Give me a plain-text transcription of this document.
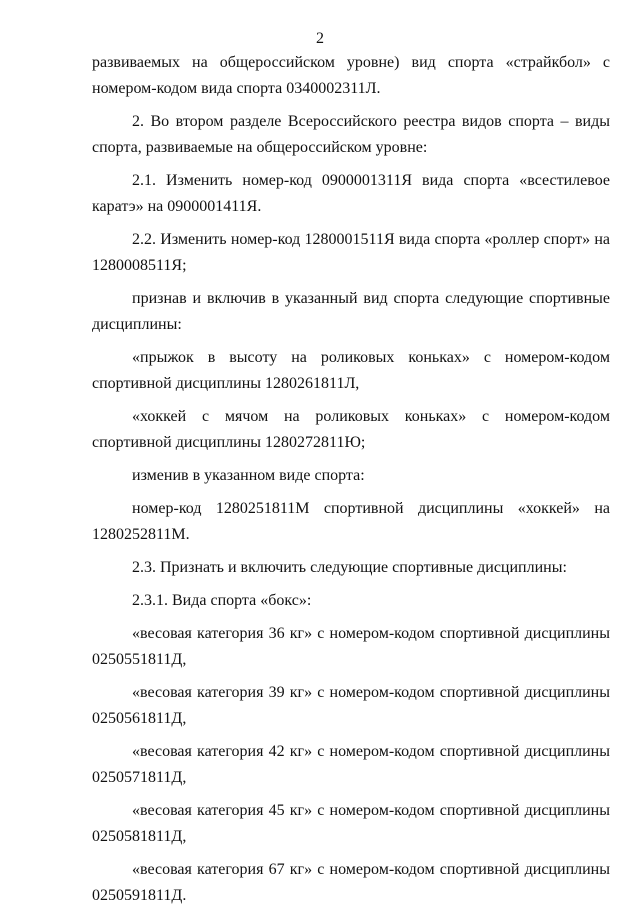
2

развиваемых на общероссийском уровне) вид спорта «страйкбол» с номером-кодом вида спорта 0340002311Л.

2. Во втором разделе Всероссийского реестра видов спорта – виды спорта, развиваемые на общероссийском уровне:

2.1. Изменить номер-код 0900001311Я вида спорта «всестилевое каратэ» на 0900001411Я.

2.2. Изменить номер-код 1280001511Я вида спорта «роллер спорт» на 1280008511Я;

признав и включив в указанный вид спорта следующие спортивные дисциплины:

«прыжок в высоту на роликовых коньках» с номером-кодом спортивной дисциплины 1280261811Л,

«хоккей с мячом на роликовых коньках» с номером-кодом спортивной дисциплины 1280272811Ю;

изменив в указанном виде спорта:

номер-код 1280251811М спортивной дисциплины «хоккей» на 1280252811М.

2.3. Признать и включить следующие спортивные дисциплины:

2.3.1. Вида спорта «бокс»:

«весовая категория 36 кг» с номером-кодом спортивной дисциплины 0250551811Д,

«весовая категория 39 кг» с номером-кодом спортивной дисциплины 0250561811Д,

«весовая категория 42 кг» с номером-кодом спортивной дисциплины 0250571811Д,

«весовая категория 45 кг» с номером-кодом спортивной дисциплины 0250581811Д,

«весовая категория 67 кг» с номером-кодом спортивной дисциплины 0250591811Д.
